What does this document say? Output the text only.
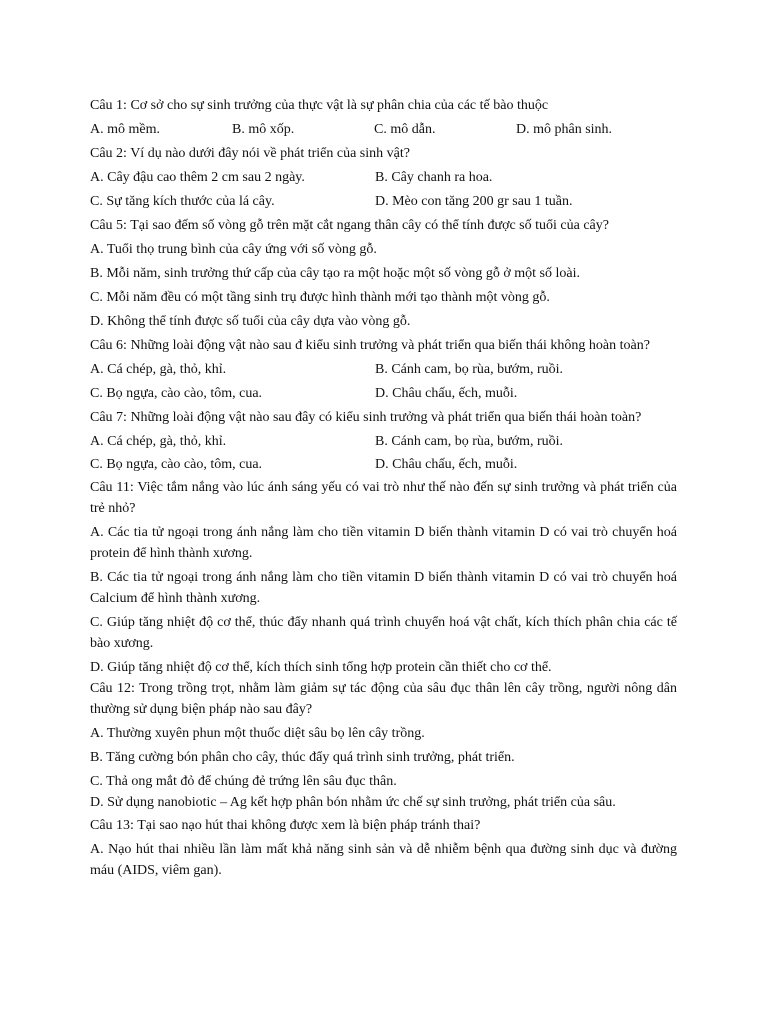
Câu 1: Cơ sở cho sự sinh trưởng của thực vật là sự phân chia của các tế bào thuộc
A. mô mềm.	B. mô xốp.	C. mô dẫn.	D. mô phân sinh.
Câu 2: Ví dụ nào dưới đây nói về phát triển của sinh vật?
A. Cây đậu cao thêm 2 cm sau 2 ngày.	B. Cây chanh ra hoa.
C. Sự tăng kích thước của lá cây.	D. Mèo con tăng 200 gr sau 1 tuần.
Câu 5: Tại sao đếm số vòng gỗ trên mặt cắt ngang thân cây có thể tính được số tuổi của cây?
A. Tuổi thọ trung bình của cây ứng với số vòng gỗ.
B. Mỗi năm, sinh trưởng thứ cấp của cây tạo ra một hoặc một số vòng gỗ ở một số loài.
C. Mỗi năm đều có một tầng sinh trụ được hình thành mới tạo thành một vòng gỗ.
D. Không thể tính được số tuổi của cây dựa vào vòng gỗ.

Câu 6: Những loài động vật nào sau đ kiểu sinh trưởng và phát triển qua biến thái không hoàn toàn?

A. Cá chép, gà, thỏ, khỉ.	B. Cánh cam, bọ rùa, bướm, ruồi.
C. Bọ ngựa, cào cào, tôm, cua.	D. Châu chấu, ếch, muỗi.

Câu 7: Những loài động vật nào sau đây có kiểu sinh trưởng và phát triển qua biến thái hoàn toàn?

A. Cá chép, gà, thỏ, khỉ.	B. Cánh cam, bọ rùa, bướm, ruồi.
C. Bọ ngựa, cào cào, tôm, cua.	D. Châu chấu, ếch, muỗi.

Câu 11: Việc tắm nắng vào lúc ánh sáng yếu có vai trò như thế nào đến sự sinh trưởng và phát triển của trẻ nhỏ?

A. Các tia tử ngoại trong ánh nắng làm cho tiền vitamin D biến thành vitamin D có vai trò chuyển hoá protein để hình thành xương.

B. Các tia tử ngoại trong ánh nắng làm cho tiền vitamin D biến thành vitamin D có vai trò chuyển hoá Calcium để hình thành xương.

C. Giúp tăng nhiệt độ cơ thể, thúc đẩy nhanh quá trình chuyển hoá vật chất, kích thích phân chia các tế bào xương.

D. Giúp tăng nhiệt độ cơ thể, kích thích sinh tổng hợp protein cần thiết cho cơ thể.

Câu 12: Trong trồng trọt, nhằm làm giảm sự tác động của sâu đục thân lên cây trồng, người nông dân thường sử dụng biện pháp nào sau đây?

A. Thường xuyên phun một thuốc diệt sâu bọ lên cây trồng.
B. Tăng cường bón phân cho cây, thúc đẩy quá trình sinh trưởng, phát triển.
C. Thả ong mắt đỏ để chúng đẻ trứng lên sâu đục thân.
D. Sử dụng nanobiotic – Ag kết hợp phân bón nhằm ức chế sự sinh trưởng, phát triển của sâu.
Câu 13: Tại sao nạo hút thai không được xem là biện pháp tránh thai?

A. Nạo hút thai nhiều lần làm mất khả năng sinh sản và dễ nhiễm bệnh qua đường sinh dục và đường máu (AIDS, viêm gan).
